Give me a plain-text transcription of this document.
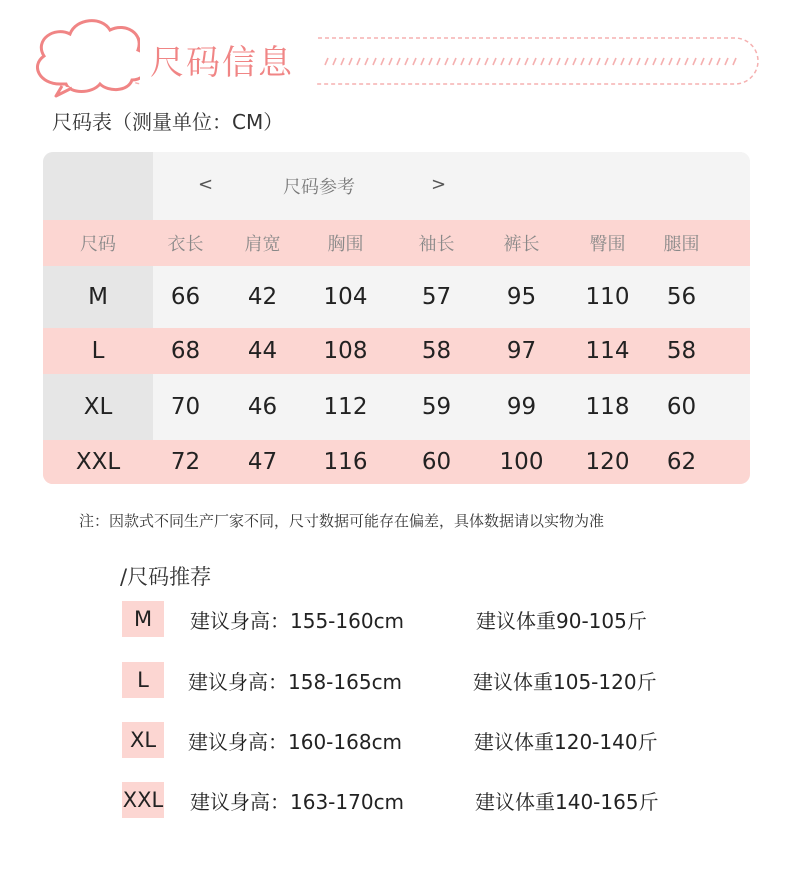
尺码信息
尺码表（测量单位：CM）
<	尺码参考	>
尺码	衣长	肩宽	胸围	袖长	裤长	臀围	腿围
M	66	42	104	57	95	110	56
L	68	44	108	58	97	114	58
XL	70	46	112	59	99	118	60
XXL	72	47	116	60	100	120	62
注：因款式不同生产厂家不同，尺寸数据可能存在偏差，具体数据请以实物为准
/尺码推荐
M	建议身高：155-160cm	建议体重90-105斤
L	建议身高：158-165cm	建议体重105-120斤
XL	建议身高：160-168cm	建议体重120-140斤
XXL 建议身高：163-170cm	建议体重140-165斤
